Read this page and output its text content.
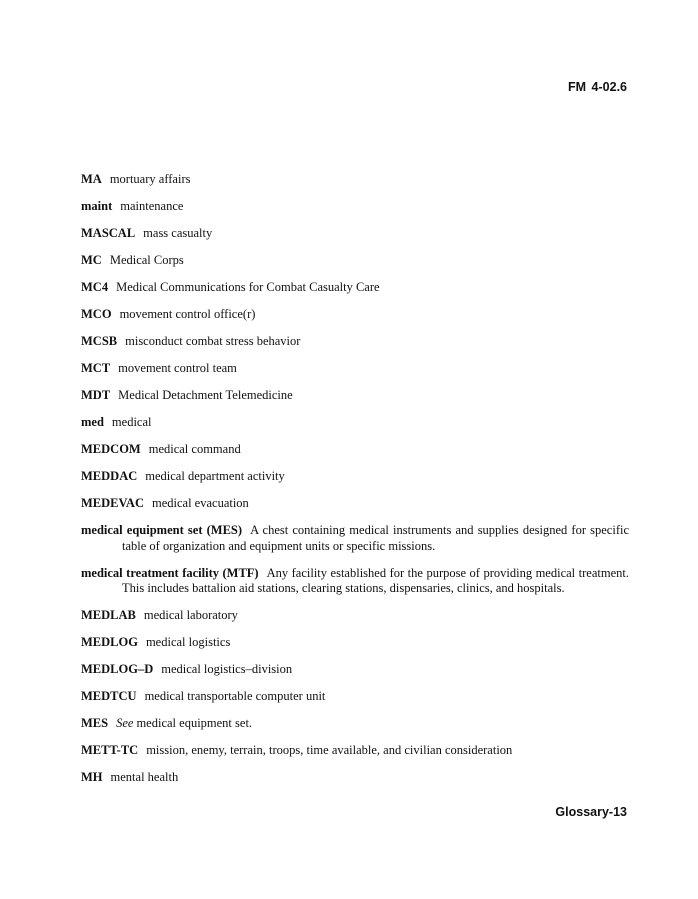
FM 4-02.6

MA mortuary affairs

maint maintenance

MASCAL mass casualty

MC Medical Corps

MC4 Medical Communications for Combat Casualty Care

MCO movement control office(r)

MCSB misconduct combat stress behavior

MCT movement control team

MDT Medical Detachment Telemedicine

med medical

MEDCOM medical command

MEDDAC medical department activity

MEDEVAC medical evacuation

medical equipment set (MES) A chest containing medical instruments and supplies designed for specific table of organization and equipment units or specific missions.

medical treatment facility (MTF) Any facility established for the purpose of providing medical treatment. This includes battalion aid stations, clearing stations, dispensaries, clinics, and hospitals.

MEDLAB medical laboratory

MEDLOG medical logistics

MEDLOG–D medical logistics–division

MEDTCU medical transportable computer unit

MES See medical equipment set.

METT-TC mission, enemy, terrain, troops, time available, and civilian consideration

MH mental health

Glossary-13
